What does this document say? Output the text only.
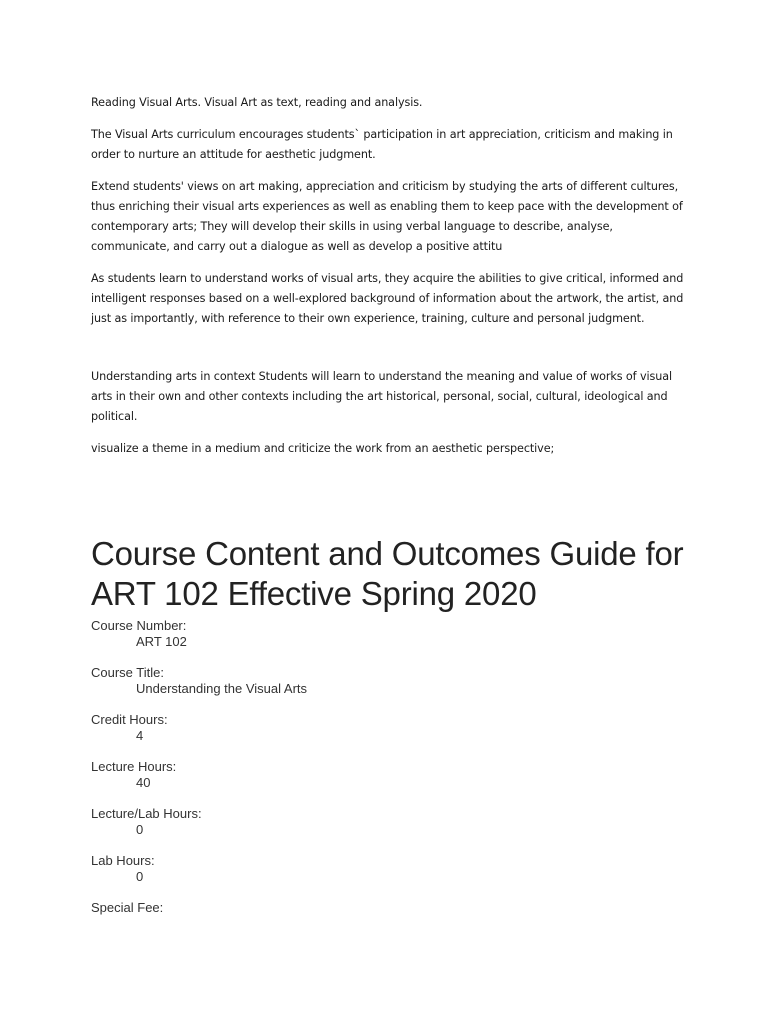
Reading Visual Arts. Visual Art as text, reading and analysis.

The Visual Arts curriculum encourages students` participation in art appreciation, criticism and making in order to nurture an attitude for aesthetic judgment.

Extend students' views on art making, appreciation and criticism by studying the arts of different cultures, thus enriching their visual arts experiences as well as enabling them to keep pace with the development of contemporary arts; They will develop their skills in using verbal language to describe, analyse, communicate, and carry out a dialogue as well as develop a positive attitu

As students learn to understand works of visual arts, they acquire the abilities to give critical, informed and intelligent responses based on a well-explored background of information about the artwork, the artist, and just as importantly, with reference to their own experience, training, culture and personal judgment.

Understanding arts in context Students will learn to understand the meaning and value of works of visual arts in their own and other contexts including the art historical, personal, social, cultural, ideological and political.

visualize a theme in a medium and criticize the work from an aesthetic perspective;

Course Content and Outcomes Guide for ART 102 Effective Spring 2020
Course Number:
ART 102
Course Title:
Understanding the Visual Arts
Credit Hours:
4
Lecture Hours:
40
Lecture/Lab Hours:
0
Lab Hours:
0
Special Fee:
